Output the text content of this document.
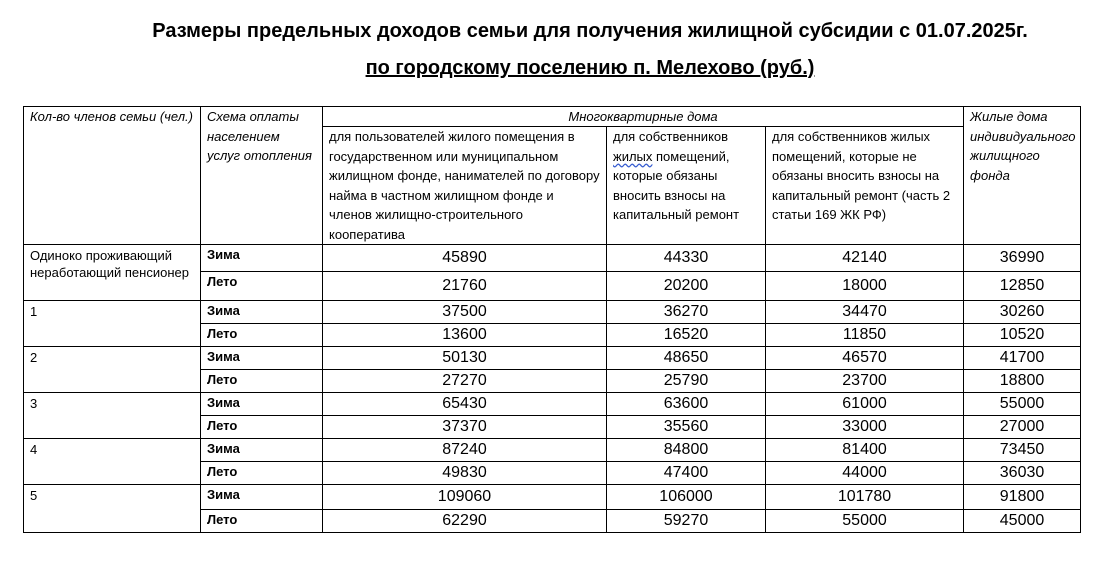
Размеры предельных доходов семьи для получения жилищной субсидии с 01.07.2025г.
по городскому поселению п. Мелехово (руб.)
Кол-во членов семьи (чел.)	Схема оплаты населением услуг отопления	Многоквартирные дома			Жилые дома индивидуального жилищного фонда
		для пользователей жилого помещения в государственном или муниципальном жилищном фонде, нанимателей по договору найма в частном жилищном фонде и членов жилищно-строительного кооператива	для собственников жилых помещений, которые обязаны вносить взносы на капитальный ремонт	для собственников жилых помещений, которые не обязаны вносить взносы на капитальный ремонт (часть 2 статьи 169 ЖК РФ)	
Одиноко проживающий неработающий пенсионер	Зима	45890	44330	42140	36990
	Лето	21760	20200	18000	12850
1	Зима	37500	36270	34470	30260
	Лето	13600	16520	11850	10520
2	Зима	50130	48650	46570	41700
	Лето	27270	25790	23700	18800
3	Зима	65430	63600	61000	55000
	Лето	37370	35560	33000	27000
4	Зима	87240	84800	81400	73450
	Лето	49830	47400	44000	36030
5	Зима	109060	106000	101780	91800
	Лето	62290	59270	55000	45000
